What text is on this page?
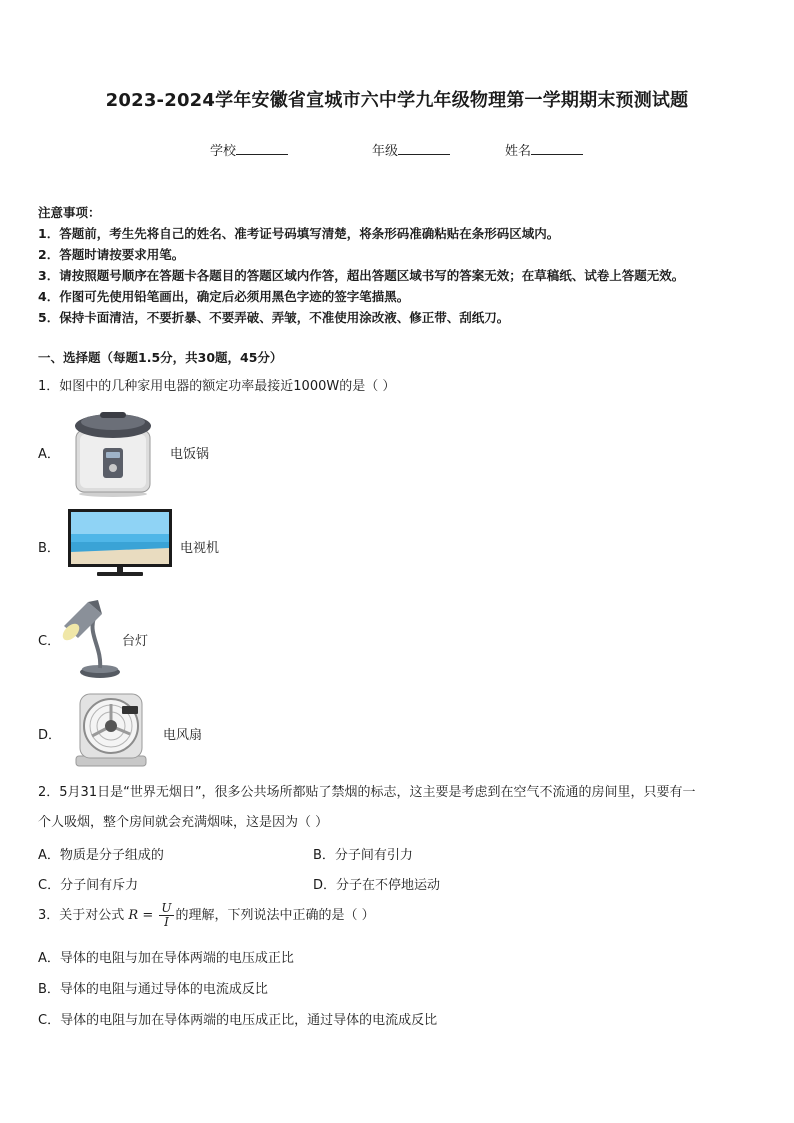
2023-2024学年安徽省宣城市六中学九年级物理第一学期期末预测试题
学校	年级	姓名
注意事项：
1．答题前，考生先将自己的姓名、准考证号码填写清楚，将条形码准确粘贴在条形码区域内。
2．答题时请按要求用笔。
3．请按照题号顺序在答题卡各题目的答题区域内作答，超出答题区域书写的答案无效；在草稿纸、试卷上答题无效。
4．作图可先使用铅笔画出，确定后必须用黑色字迹的签字笔描黑。
5．保持卡面清洁，不要折暴、不要弄破、弄皱，不准使用涂改液、修正带、刮纸刀。
一、选择题（每题1.5分，共30题，45分）
1．如图中的几种家用电器的额定功率最接近1000W的是（ ）
A．	电饭锅
B．	电视机
C．	台灯
D．	电风扇
2．5月31日是“世界无烟日”，很多公共场所都贴了禁烟的标志，这主要是考虑到在空气不流通的房间里，只要有一
个人吸烟，整个房间就会充满烟味，这是因为（ ）
A．物质是分子组成的	B．分子间有引力
C．分子间有斥力	D．分子在不停地运动
3．关于对公式 $R = \frac{U}{I}$ 的理解，下列说法中正确的是（ ）
A．导体的电阻与加在导体两端的电压成正比
B．导体的电阻与通过导体的电流成反比
C．导体的电阻与加在导体两端的电压成正比，通过导体的电流成反比
